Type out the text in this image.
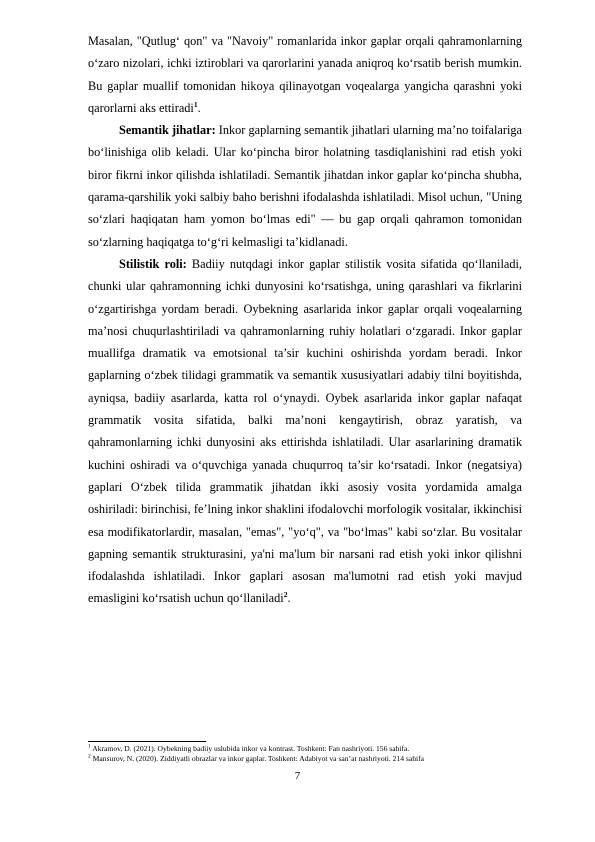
Masalan, "Qutlug‘ qon" va "Navoiy" romanlarida inkor gaplar orqali qahramonlarning o‘zaro nizolari, ichki iztiroblari va qarorlarini yanada aniqroq ko‘rsatib berish mumkin. Bu gaplar muallif tomonidan hikoya qilinayotgan voqealarga yangicha qarashni yoki qarorlarni aks ettiradi$^1$.

Semantik jihatlar: Inkor gaplarning semantik jihatlari ularning ma’no toifalariga bo‘linishiga olib keladi. Ular ko‘pincha biror holatning tasdiqlanishini rad etish yoki biror fikrni inkor qilishda ishlatiladi. Semantik jihatdan inkor gaplar ko‘pincha shubha, qarama-qarshilik yoki salbiy baho berishni ifodalashda ishlatiladi. Misol uchun, "Uning so‘zlari haqiqatan ham yomon bo‘lmas edi" — bu gap orqali qahramon tomonidan so‘zlarning haqiqatga to‘g‘ri kelmasligi ta’kidlanadi.

Stilistik roli: Badiiy nutqdagi inkor gaplar stilistik vosita sifatida qo‘llaniladi, chunki ular qahramonning ichki dunyosini ko‘rsatishga, uning qarashlari va fikrlarini o‘zgartirishga yordam beradi. Oybekning asarlarida inkor gaplar orqali voqealarning ma’nosi chuqurlashtiriladi va qahramonlarning ruhiy holatlari o‘zgaradi. Inkor gaplar muallifga dramatik va emotsional ta’sir kuchini oshirishda yordam beradi. Inkor gaplarning o‘zbek tilidagi grammatik va semantik xususiyatlari adabiy tilni boyitishda, ayniqsa, badiiy asarlarda, katta rol o‘ynaydi. Oybek asarlarida inkor gaplar nafaqat grammatik vosita sifatida, balki ma’noni kengaytirish, obraz yaratish, va qahramonlarning ichki dunyosini aks ettirishda ishlatiladi. Ular asarlarining dramatik kuchini oshiradi va o‘quvchiga yanada chuqurroq ta’sir ko‘rsatadi. Inkor (negatsiya) gaplari O‘zbek tilida grammatik jihatdan ikki asosiy vosita yordamida amalga oshiriladi: birinchisi, fe’lning inkor shaklini ifodalovchi morfologik vositalar, ikkinchisi esa modifikatorlardir, masalan, "emas", "yo‘q", va "bo‘lmas" kabi so‘zlar. Bu vositalar gapning semantik strukturasini, ya'ni ma'lum bir narsani rad etish yoki inkor qilishni ifodalashda ishlatiladi. Inkor gaplari asosan ma'lumotni rad etish yoki mavjud emasligini ko‘rsatish uchun qo‘llaniladi$^2$.

$^1$ Akramov, D. (2021). Oybekning badiiy uslubida inkor va kontrast. Toshkent: Fan nashriyoti. 156 sahifa.

$^2$ Mansurov, N. (2020). Ziddiyatli obrazlar va inkor gaplar. Toshkent: Adabiyot va san’at nashriyoti. 214 sahifa

7
